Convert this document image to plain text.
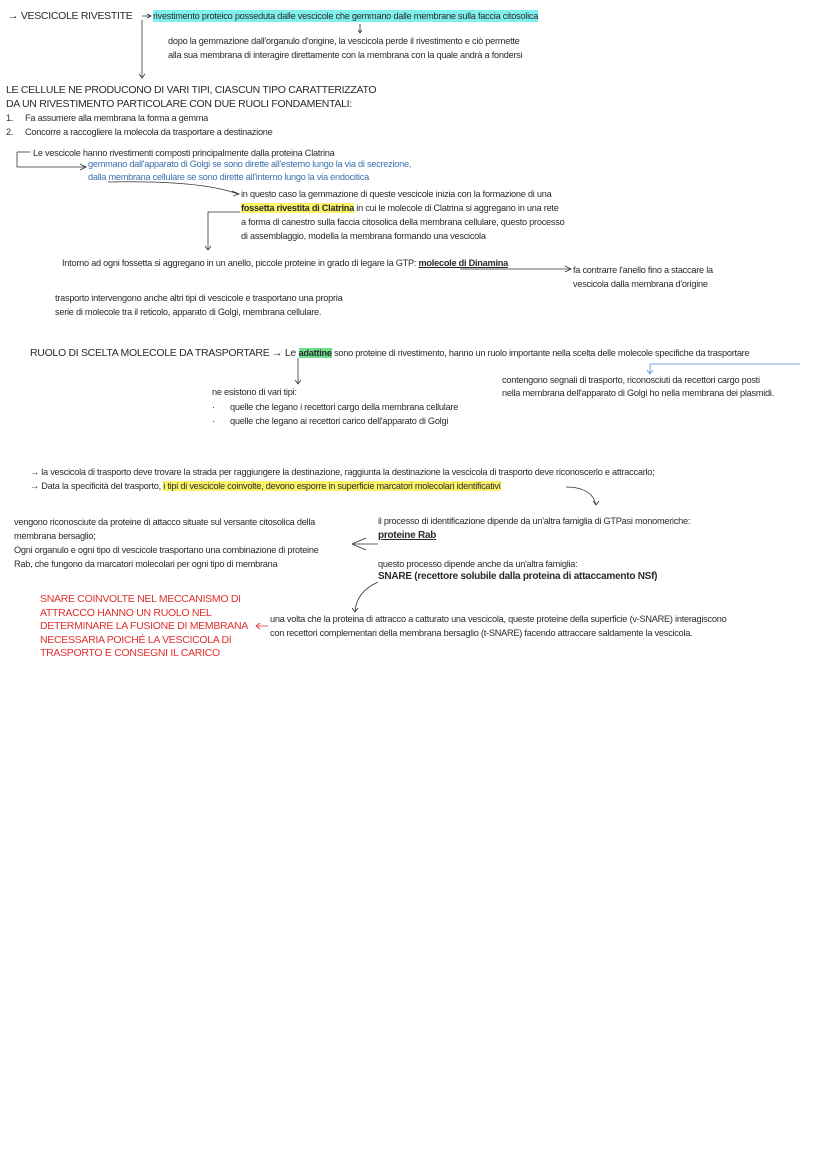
→ VESCICOLE RIVESTITE rivestimento proteico posseduta dalle vescicole che gemmano dalle membrane sulla faccia citosolica
dopo la gemmazione dall'organulo d'origine, la vescicola perde il rivestimento e ciò permette
alla sua membrana di interagire direttamente con la membrana con la quale andrà a fondersi
LE CELLULE NE PRODUCONO DI VARI TIPI, CIASCUN TIPO CARATTERIZZATO
DA UN RIVESTIMENTO PARTICOLARE CON DUE RUOLI FONDAMENTALI:
1. Fa assumere alla membrana la forma a gemma
2. Concorre a raccogliere la molecola da trasportare a destinazione
Le vescicole hanno rivestimenti composti principalmente dalla proteina Clatrina
gemmano dall'apparato di Golgi se sono dirette all'esterno lungo la via di secrezione,
dalla membrana cellulare se sono dirette all'interno lungo la via endocitica
in questo caso la gemmazione di queste vescicole inizia con la formazione di una
fossetta rivestita di Clatrina in cui le molecole di Clatrina si aggregano in una rete
a forma di canestro sulla faccia citosolica della membrana cellulare, questo processo
di assemblaggio, modella la membrana formando una vescicola
Intorno ad ogni fossetta si aggregano in un anello, piccole proteine in grado di legare la GTP: molecole di Dinamina
fa contrarre l'anello fino a staccare la
vescicola dalla membrana d'origine
trasporto intervengono anche altri tipi di vescicole e trasportano una propria
serie di molecole tra il reticolo, apparato di Golgi, membrana cellulare.
RUOLO DI SCELTA MOLECOLE DA TRASPORTARE → Le adattine sono proteine di rivestimento, hanno un ruolo importante nella scelta delle molecole specifiche da trasportare
contengono segnali di trasporto, riconosciuti da recettori cargo posti
nella membrana dell'apparato di Golgi ho nella membrana dei plasmidi.
ne esistono di vari tipi:
· quelle che legano i recettori cargo della membrana cellulare
· quelle che legano ai recettori carico dell'apparato di Golgi
→ la vescicola di trasporto deve trovare la strada per raggiungere la destinazione, raggiunta la destinazione la vescicola di trasporto deve riconoscerlo e attraccarlo;
→ Data la specificità del trasporto, i tipi di vescicole coinvolte, devono esporre in superficie marcatori molecolari identificativi
vengono riconosciute da proteine di attacco situate sul versante citosolica della
membrana bersaglio;
Ogni organulo e ogni tipo di vescicole trasportano una combinazione di proteine
Rab, che fungono da marcatori molecolari per ogni tipo di membrana
il processo di identificazione dipende da un'altra famiglia di GTPasi monomeriche:
proteine Rab
questo processo dipende anche da un'altra famiglia:
SNARE (recettore solubile dalla proteina di attaccamento NSf)
SNARE COINVOLTE NEL MECCANISMO DI ATTRACCO HANNO UN RUOLO NEL DETERMINARE LA FUSIONE DI MEMBRANA NECESSARIA POICHÉ LA VESCICOLA DI TRASPORTO E CONSEGNI IL CARICO
una volta che la proteina di attracco a catturato una vescicola, queste proteine della superficie (v-SNARE) interagiscono
con recettori complementari della membrana bersaglio (t-SNARE) facendo attraccare saldamente la vescicola.
